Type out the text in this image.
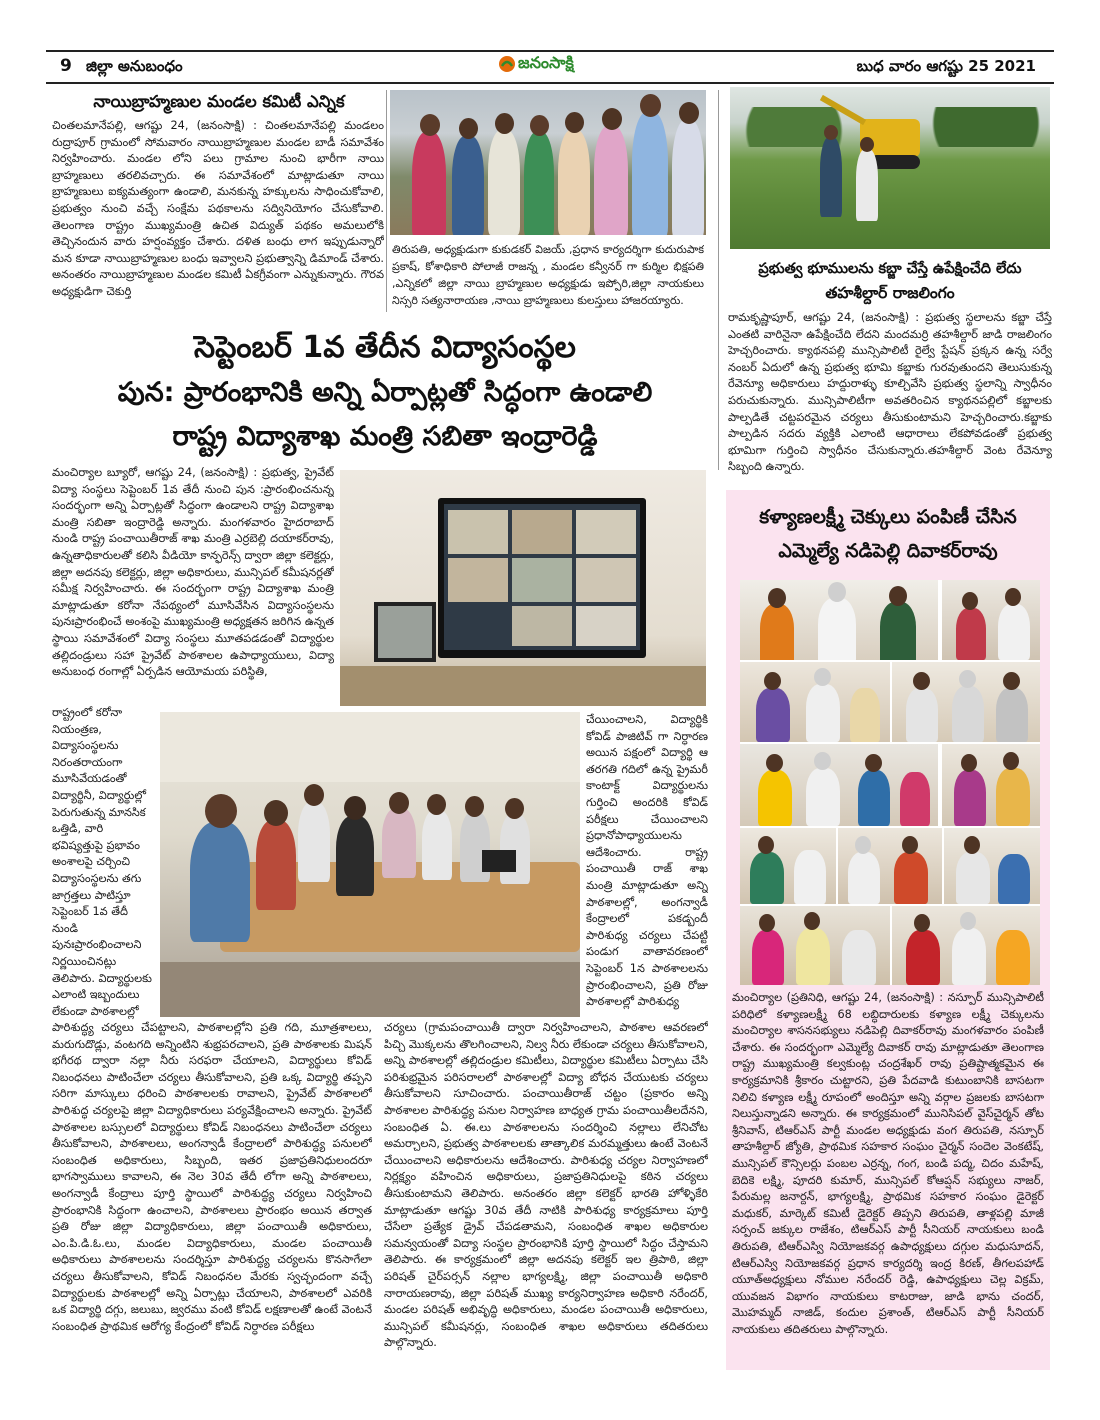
9 జిల్లా అనుబంధం	జనంసాక్షి	బుధ వారం ఆగష్టు 25 2021
నాయిబ్రాహ్మణుల మండల కమిటీ ఎన్నిక
చింతలమానేపల్లి, ఆగష్టు 24, (జనంసాక్షి) : చింతలమానేపల్లి మండలం రుద్రాపూర్ గ్రామంలో సోమవారం నాయిబ్రాహ్మణుల మండల బాడీ సమావేశం నిర్వహించారు. మండల లోని పలు గ్రామాల నుంచి భారీగా నాయి బ్రాహ్మణులు తరలివచ్చారు. ఈ సమావేశంలో మాట్లాడుతూ నాయి బ్రాహ్మణులు ఐక్యమత్యంగా ఉండాలి, మనకున్న హక్కులను సాధించుకోవాలి, ప్రభుత్వం నుంచి వచ్చే సంక్షేమ పథకాలను సద్వినియోగం చేసుకోవాలి. తెలంగాణ రాష్ట్రం ముఖ్యమంత్రి ఉచిత విద్యుత్ పథకం అమలులోకి తెచ్చినందున వారు హర్షంవ్యక్తం చేశారు. దళిత బంధు లాగ ఇప్పుడున్నారో మన కూడా నాయిబ్రాహ్మణుల బంధు ఇవ్వాలని ప్రభుత్వాన్ని డిమాండ్ చేశారు. అనంతరం నాయిబ్రాహ్మణుల మండల కమిటీ ఏకగ్రీవంగా ఎన్నుకున్నారు. గౌరవ అధ్యక్షుడిగా చెకుర్తి
తిరుపతి, అధ్యక్షుడుగా కుకుడకర్ విజయ్ ,ప్రధాన కార్యదర్శిగా కుదురుపాక ప్రకాష్, కోశాధికారి పోలాజీ రాజన్న , మండల కన్వీనర్ గా కుర్మిల భిక్షపతి ,ఎన్నికలో జిల్లా నాయి బ్రాహ్మణుల అధ్యక్షుడు ఇప్పోరి,జిల్లా నాయకులు నిస్సరి సత్యనారాయణ ,నాయి బ్రాహ్మణులు కులస్తులు హాజరయ్యారు.
ప్రభుత్వ భూములను కబ్జా చేస్తే ఉపేక్షించేది లేదు
తహశీల్దార్ రాజలింగం
రామకృష్ణాపూర్, ఆగష్టు 24, (జనంసాక్షి) : ప్రభుత్వ స్థలాలను కబ్జా చేస్తే ఎంతటి వారినైనా ఉపేక్షించేది లేదని మందమర్రి తహశీల్దార్ జాడి రాజలింగం హెచ్చరించారు. క్యాథనపల్లి మున్సిపాలిటీ రైల్వే స్టేషన్ ప్రక్కన ఉన్న సర్వే నంబర్ ఏదులో ఉన్న ప్రభుత్వ భూమి కబ్జాకు గురవుతుందని తెలుసుకున్న రేవెన్యూ అధికారులు హద్దురాళ్ళు కూల్చివేసి ప్రభుత్వ స్థలాన్ని స్వాధీనం పరుచుకున్నారు. మున్సిపాలిటీగా అవతరించిన క్యాథనపల్లిలో కబ్జాలకు పాల్పడితే చట్టపరమైన చర్యలు తీసుకుంటామని హెచ్చరించారు.కబ్జాకు పాల్పడిన సదరు వ్యక్తికి ఎలాంటి ఆధారాలు లేకపోవడంతో ప్రభుత్వ భూమిగా గుర్తించి స్వాధీనం చేసుకున్నారు.తహశీల్దార్ వెంట రేవెన్యూ సిబ్బంది ఉన్నారు.
సెప్టెంబర్ 1వ తేదీన విద్యాసంస్థల
పున: ప్రారంభానికి అన్ని ఏర్పాట్లతో సిద్ధంగా ఉండాలి
రాష్ట్ర విద్యాశాఖ మంత్రి సబితా ఇంద్రారెడ్డి
మంచిర్యాల బ్యూరో, ఆగష్టు 24, (జనంసాక్షి) : ప్రభుత్వ, ప్రైవేట్ విద్యా సంస్థలు సెప్టెంబర్ 1వ తేదీ నుంచి పున :ప్రారంభించనున్న సందర్భంగా అన్ని ఏర్పాట్లతో సిద్ధంగా ఉండాలని రాష్ట్ర విద్యాశాఖ మంత్రి సబితా ఇంద్రారెడ్డి అన్నారు. మంగళవారం హైదరాబాద్ నుండి రాష్ట్ర పంచాయితీరాజ్ శాఖ మంత్రి ఎర్రబెల్లి దయాకర్‌రావు, ఉన్నతాధికారులతో కలిసి వీడియో కాన్ఫరెన్స్ ద్వారా జిల్లా కలెక్టర్లు, జిల్లా అదనపు కలెక్టర్లు, జిల్లా అధికారులు, మున్సిపల్ కమీషనర్లతో సమీక్ష నిర్వహించారు. ఈ సందర్భంగా రాష్ట్ర విద్యాశాఖ మంత్రి మాట్లాడుతూ కరోనా నేపథ్యంలో మూసివేసిన విద్యాసంస్థలను పునఃప్రారంభించే అంశంపై ముఖ్యమంత్రి అధ్యక్షతన జరిగిన ఉన్నత స్థాయి సమావేశంలో విద్యా సంస్థలు మూతపడడంతో విద్యార్థుల తల్లిదండ్రులు సహా ప్రైవేట్ పాఠశాలల ఉపాధ్యాయులు, విద్యా అనుబంధ రంగాల్లో ఏర్పడిన ఆయోమయ పరిస్థితి,
రాష్ట్రంలో కరోనా నియంత్రణ, విద్యాసంస్థలను నిరంతరాయంగా మూసివేయడంతో విద్యార్థినీ, విద్యార్థుల్లో పెరుగుతున్న మానసిక ఒత్తిడి, వారి భవిష్యత్తుపై ప్రభావం అంశాలపై చర్చించి విద్యాసంస్థలను తగు జాగ్రత్తలు పాటిస్తూ సెప్టెంబర్ 1వ తేదీ నుండి పునఃప్రారంభించాలని నిర్ణయించినట్లు తెలిపారు. విద్యార్థులకు ఎలాంటి ఇబ్బందులు లేకుండా పాఠశాలల్లో
చేయించాలని, విద్యార్థికి కోవిడ్ పాజిటివ్ గా నిర్ధారణ అయిన పక్షంలో విద్యార్థి ఆ తరగతి గదిలో ఉన్న ప్రైమరీ కాంటాక్ట్ విద్యార్థులను గుర్తించి అందరికి కోవిడ్ పరీక్షలు చేయించాలని ప్రధానోపాధ్యాయులను ఆదేశించారు. రాష్ట్ర పంచాయితీ రాజ్ శాఖ మంత్రి మాట్లాడుతూ అన్ని పాఠశాలల్లో, అంగన్వాడీ కేంద్రాలలో పకడ్బందీ పారిశుధ్య చర్యలు చేపట్టి పండుగ వాతావరణంలో సెప్టెంబర్ 1న పాఠశాలలను ప్రారంభించాలని, ప్రతి రోజు పాఠశాలల్లో పారిశుధ్య
పారిశుద్ధ్య చర్యలు చేపట్టాలని, పాఠశాలల్లోని ప్రతి గది, మూత్రశాలలు, మరుగుదొడ్లు, వంటగది అన్నింటిని శుభ్రపరచాలని, ప్రతి పాఠశాలకు మిషన్ భగీరథ ద్వారా నల్లా నీరు సరఫరా చేయాలని, విద్యార్థులు కోవిడ్ నిబంధనలు పాటించేలా చర్యలు తీసుకోవాలని, ప్రతి ఒక్క విద్యార్థి తప్పని సరిగా మాస్కులు ధరించి పాఠశాలలకు రావాలని, ప్రైవేట్ పాఠశాలలో పారిశుద్ధ చర్యలపై జిల్లా విద్యాధికారులు పర్యవేక్షించాలని అన్నారు. ప్రైవేట్ పాఠశాలల బస్సులలో విద్యార్థులు కోవిడ్ నిబంధనలు పాటించేలా చర్యలు తీసుకోవాలని, పాఠశాలలు, అంగన్వాడీ కేంద్రాలలో పారిశుద్ధ్య పనులలో సంబంధిత అధికారులు, సిబ్బంది, ఇతర ప్రజాప్రతినిధులందరూ భాగస్వాములు కావాలని, ఈ నెల 30వ తేదీ లోగా అన్ని పాఠశాలలు, అంగన్వాడీ కేంద్రాలు పూర్తి స్థాయిలో పారిశుద్ధ్య చర్యలు నిర్వహించి ప్రారంభానికి సిద్ధంగా ఉంచాలని, పాఠశాలలు ప్రారంభం అయిన తర్వాత ప్రతి రోజు జిల్లా విద్యాధికారులు, జిల్లా పంచాయితీ అధికారులు, ఎం.పి.డి.ఓ.లు, మండల విద్యాధికారులు, మండల పంచాయితీ అధికారులు పాఠశాలలను సందర్శిస్తూ పారిశుద్ధ్య చర్యలను కొనసాగేలా చర్యలు తీసుకోవాలని, కోవిడ్ నిబంధనల మేరకు స్వచ్ఛందంగా వచ్చే విద్యార్థులకు పాఠశాలల్లో అన్ని ఏర్పాట్లు చేయాలని, పాఠశాలలో ఎవరికి ఒక విద్యార్థి దగ్గు, జలుబు, జ్వరము వంటి కోవిడ్ లక్షణాలతో ఉంటే వెంటనే సంబంధిత ప్రాథమిక ఆరోగ్య కేంద్రంలో కోవిడ్ నిర్ధారణ పరీక్షలు
చర్యలు (గ్రామపంచాయితీ ద్వారా నిర్వహించాలని, పాఠశాల ఆవరణలో పిచ్చి మొక్కలను తొలగించాలని, నిల్వ నీరు లేకుండా చర్యలు తీసుకోవాలని, అన్ని పాఠశాలల్లో తల్లిదండ్రుల కమిటీలు, విద్యార్థుల కమిటీలు ఏర్పాటు చేసి పరిశుభ్రమైన పరిసరాలలో పాఠశాలల్లో విద్యా బోధన చేయుటకు చర్యలు తీసుకోవాలని సూచించారు. పంచాయితీరాజ్ చట్టం (ప్రకారం అన్ని పాఠశాలల పారిశుద్ధ్య పనుల నిర్వాహణ బాధ్యత గ్రామ పంచాయితీలదేనని, సంబంధిత ఏ. ఈ.లు పాఠశాలలను సందర్శించి నల్లాలు లేనిచోట అమర్చాలని, ప్రభుత్వ పాఠశాలలకు తాత్కాలిక మరమ్మత్తులు ఉంటే వెంటనే చేయించాలని అధికారులను ఆదేశించారు. పారిశుధ్య చర్యల నిర్వాహణలో నిర్లక్ష్యం వహించిన అధికారులు, ప్రజాప్రతినిధులపై కఠిన చర్యలు తీసుకుంటామని తెలిపారు. అనంతరం జిల్లా కలెక్టర్ భారతి హోళ్ళికేరి మాట్లాడుతూ ఆగష్టు 30వ తేదీ నాటికి పారిశుధ్య కార్యక్రమాలు పూర్తి చేసేలా ప్రత్యేక డ్రైవ్ చేపడతామని, సంబంధిత శాఖల అధికారుల సమన్వయంతో విద్యా సంస్థల ప్రారంభానికి పూర్తి స్థాయిలో సిద్ధం చేస్తామని తెలిపారు. ఈ కార్యక్రమంలో జిల్లా అదనపు కలెక్టర్ ఇల త్రిపాఠి, జిల్లా పరిషత్ చైర్‌పర్సన్ నల్లాల భాగ్యలక్ష్మి, జిల్లా పంచాయితీ అధికారి నారాయణరావు, జిల్లా పరిషత్ ముఖ్య కార్యనిర్వాహణ అధికారి నరేందర్, మండల పరిషత్ అభివృద్ధి అధికారులు, మండల పంచాయితీ అధికారులు, మున్సిపల్ కమీషనర్లు, సంబంధిత శాఖల అధికారులు తదితరులు పాల్గొన్నారు.
కళ్యాణలక్ష్మీ చెక్కులు పంపిణీ చేసిన
ఎమ్మెల్యే నడిపెల్లి దివాకర్‌రావు
మంచిర్యాల (ప్రతినిధి, ఆగష్టు 24, (జనంసాక్షి) : నస్పూర్ మున్సిపాలిటీ పరిధిలో కళ్యాణలక్ష్మీ 68 లబ్ధిదారులకు కళ్యాణ లక్ష్మీ చెక్కులను మంచిర్యాల శాసనసభ్యులు నడిపెల్లి దివాకర్‌రావు మంగళవారం పంపిణీ చేశారు. ఈ సందర్భంగా ఎమ్మెల్యే దివాకర్ రావు మాట్లాడుతూ తెలంగాణ రాష్ట్ర ముఖ్యమంత్రి కల్వకుంట్ల చంద్రశేఖర్ రావు ప్రతిష్టాత్మకమైన ఈ కార్యక్రమానికి శ్రీకారం చుట్టారని, ప్రతి పేదవాడి కుటుంబానికి బాసటగా నిలిచి కళ్యాణ లక్ష్మీ రూపంలో అందిస్తూ అన్ని వర్గాల ప్రజలకు బాసటగా నిలుస్తున్నాడని అన్నారు. ఈ కార్యక్రమంలో మునిసిపల్ వైస్‌చైర్మన్ తోట శ్రీనివాస్, టిఆర్ఎస్ పార్టీ మండల అధ్యక్షుడు వంగ తిరుపతి, నస్పూర్ తాహశీల్దార్ జ్యోతి, ప్రాథమిక సహకార సంఘం చైర్మన్ సందెల వెంకటేష్, మున్సిపల్ కౌన్సిలర్లు పంబల ఎర్రన్న, గంగ, బండి పద్మ, చిదం మహేష్, బెదికె లక్ష్మి, పూదరి కుమార్, మున్సిపల్ కోఆప్షన్ సభ్యులు నాజర్, పేరుమల్ల జనార్దన్, భాగ్యలక్ష్మి, ప్రాథమిక సహకార సంఘం డైరెక్టర్ మధుకర్, మార్కెట్ కమిటీ డైరెక్టర్ తిప్పని తిరుపతి, తాళ్లపల్లి మాజీ సర్పంచ్ జక్కుల రాజేశం, టిఆర్ఎస్ పార్టీ సీనియర్ నాయకులు బండి తిరుపతి, టిఆర్ఎస్వి నియోజకవర్గ ఉపాధ్యక్షులు దగ్గుల మధుసూదన్, టిఆర్ఎస్వి నియోజకవర్గ ప్రధాన కార్యదర్శి ఇంద్ర కిరణ్, తీగలపహాడ్ యూత్‌అధ్యక్షులు నోముల నరేందర్ రెడ్డి, ఉపాధ్యక్షులు చెల్ల విక్రమ్, యువజన విభాగం నాయకులు కాటరాజు, జాడి భాను చందర్, మొహమ్మద్ నాజిడ్, కందుల ప్రశాంత్, టిఆర్ఎస్ పార్టీ సీనియర్ నాయకులు తదితరులు పాల్గొన్నారు.
